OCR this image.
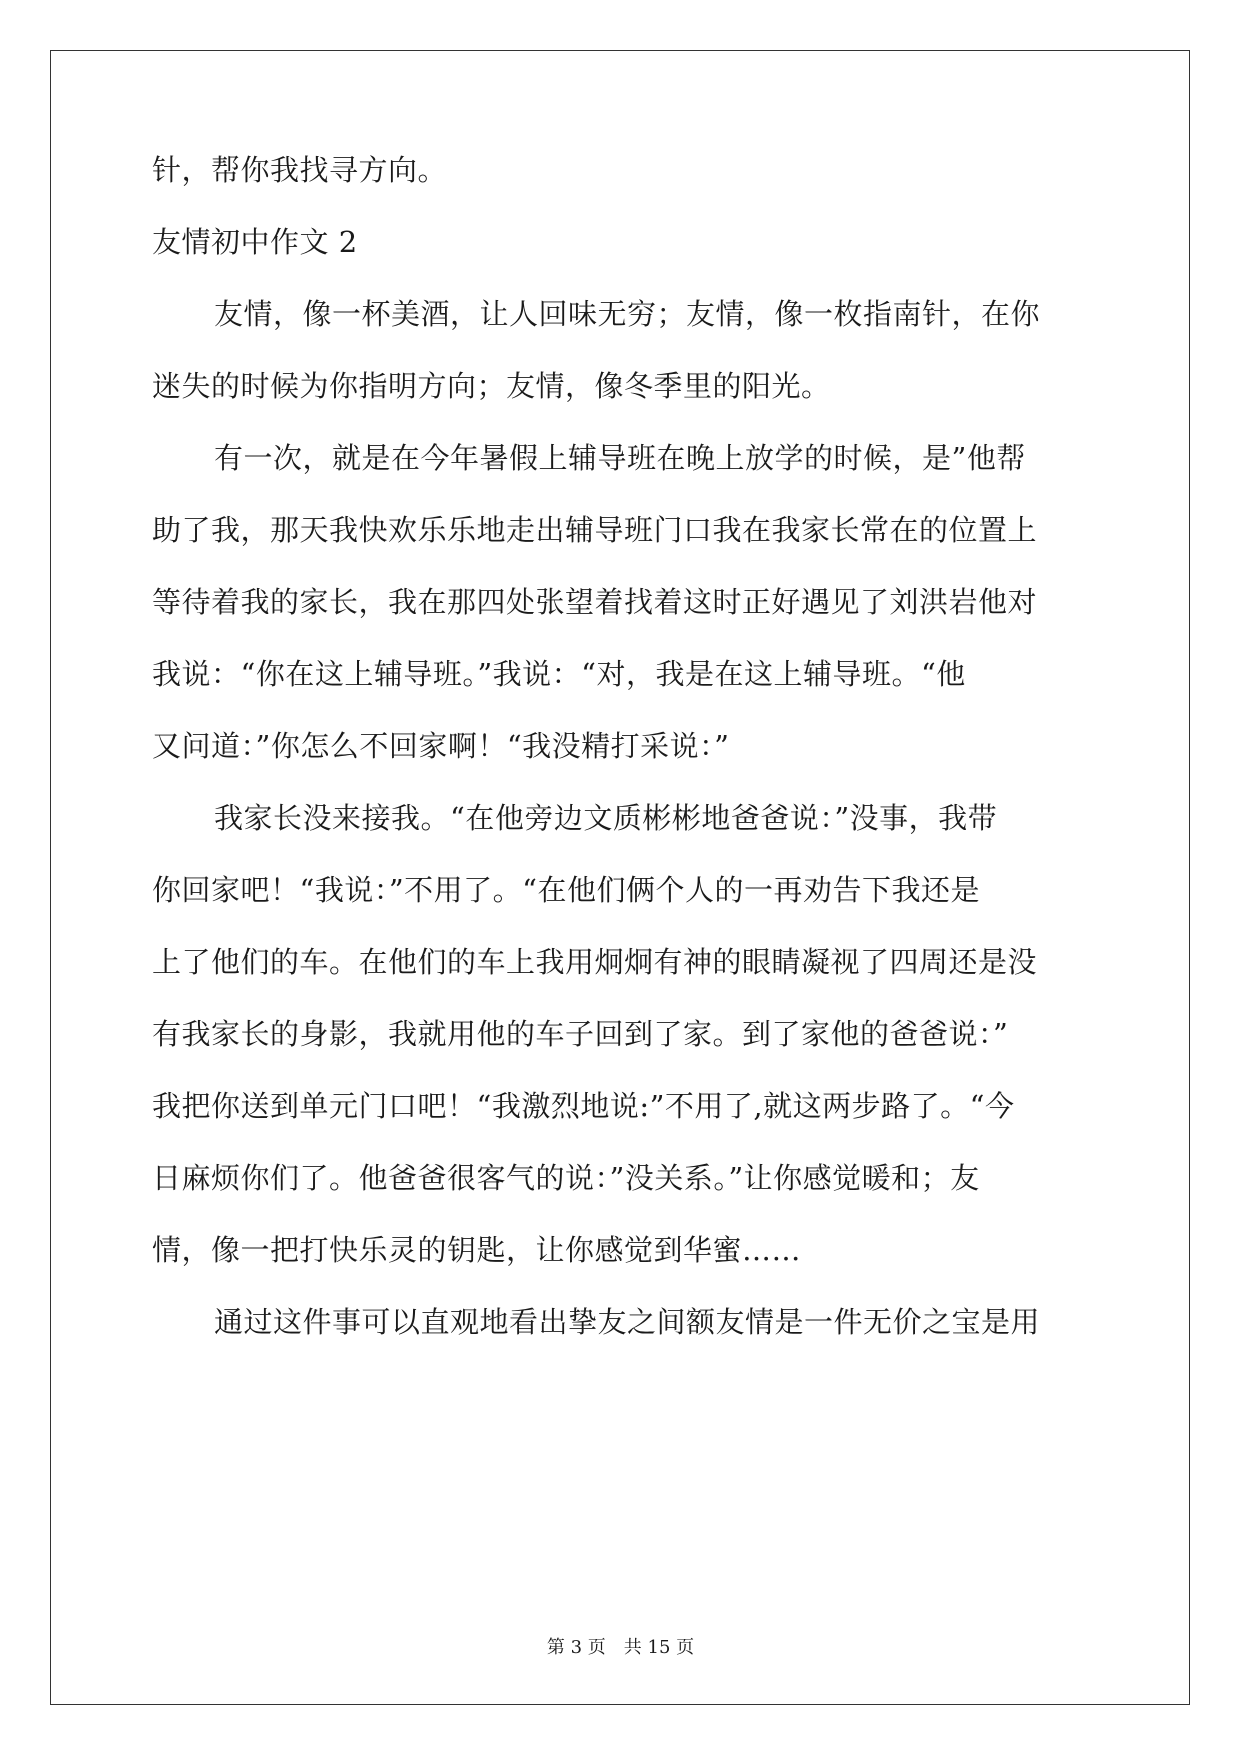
针，帮你我找寻方向。
友情初中作文 2
友情，像一杯美酒，让人回味无穷；友情，像一枚指南针，在你
迷失的时候为你指明方向；友情，像冬季里的阳光。
有一次，就是在今年暑假上辅导班在晚上放学的时候，是”他帮
助了我，那天我快欢乐乐地走出辅导班门口我在我家长常在的位置上
等待着我的家长，我在那四处张望着找着这时正好遇见了刘洪岩他对
我说：“你在这上辅导班。”我说：“对，我是在这上辅导班。“他
又问道：”你怎么不回家啊！“我没精打采说：”
我家长没来接我。“在他旁边文质彬彬地爸爸说：”没事，我带
你回家吧！“我说：”不用了。“在他们俩个人的一再劝告下我还是
上了他们的车。在他们的车上我用炯炯有神的眼睛凝视了四周还是没
有我家长的身影，我就用他的车子回到了家。到了家他的爸爸说：”
我把你送到单元门口吧！“我激烈地说:”不用了,就这两步路了。“今
日麻烦你们了。他爸爸很客气的说：”没关系。”让你感觉暖和；友
情，像一把打快乐灵的钥匙，让你感觉到华蜜……
通过这件事可以直观地看出挚友之间额友情是一件无价之宝是用
第 3 页　共 15 页
